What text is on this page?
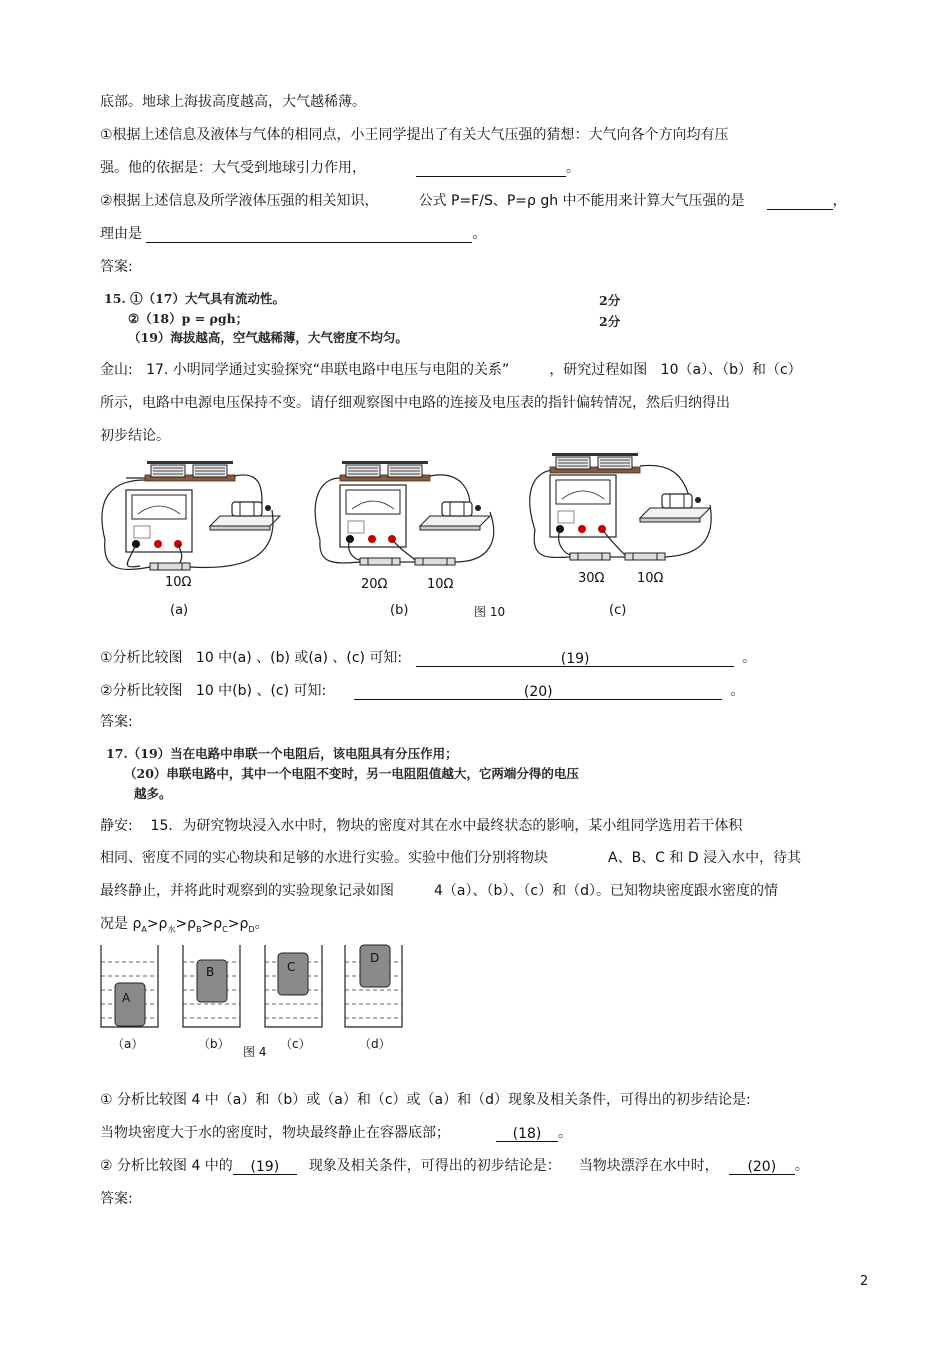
底部。地球上海拔高度越高，大气越稀薄。
①根据上述信息及液体与气体的相同点，小王同学提出了有关大气压强的猜想：大气向各个方向均有压
强。他的依据是：大气受到地球引力作用，	。
②根据上述信息及所学液体压强的相关知识，	公式 P=F/S、P=ρ gh 中不能用来计算大气压强的是	，
理由是	。
答案:
15. ①（17）大气具有流动性。	2分
②（18）p = ρgh；	2分
（19）海拔越高，空气越稀薄，大气密度不均匀。
金山: 17. 小明同学通过实验探究“串联电路中电压与电阻的关系”	，研究过程如图 10（a）、（b）和（c）
所示，电路中电源电压保持不变。请仔细观察图中电路的连接及电压表的指针偏转情况，然后归纳得出
初步结论。
10Ω	20Ω	10Ω	30Ω	10Ω
(a)	(b)	图 10	(c)
①分析比较图 10 中(a) 、(b) 或(a) 、(c) 可知:	(19)	。
②分析比较图 10 中(b) 、(c) 可知:	(20)	。
答案:
17.（19）当在电路中串联一个电阻后，该电阻具有分压作用；
（20）串联电路中，其中一个电阻不变时，另一电阻阻值越大，它两端分得的电压
越多。
静安: 15．为研究物块浸入水中时，物块的密度对其在水中最终状态的影响，某小组同学选用若干体积
相同、密度不同的实心物块和足够的水进行实验。实验中他们分别将物块	A、B、C 和 D 浸入水中，待其
最终静止，并将此时观察到的实验现象记录如图	4（a）、（b）、（c）和（d）。已知物块密度跟水密度的情
况是 $\rho_A>\rho_水>\rho_B>\rho_C>\rho_D$。
A
B	C
D
（a）	（b）
图 4
（c）	（d）
① 分析比较图 4 中（a）和（b）或（a）和（c）或（a）和（d）现象及相关条件，可得出的初步结论是:
当物块密度大于水的密度时，物块最终静止在容器底部；	(18) 。
② 分析比较图 4 中的 (19) 现象及相关条件，可得出的初步结论是： 当物块漂浮在水中时， (20) 。
答案:
2
